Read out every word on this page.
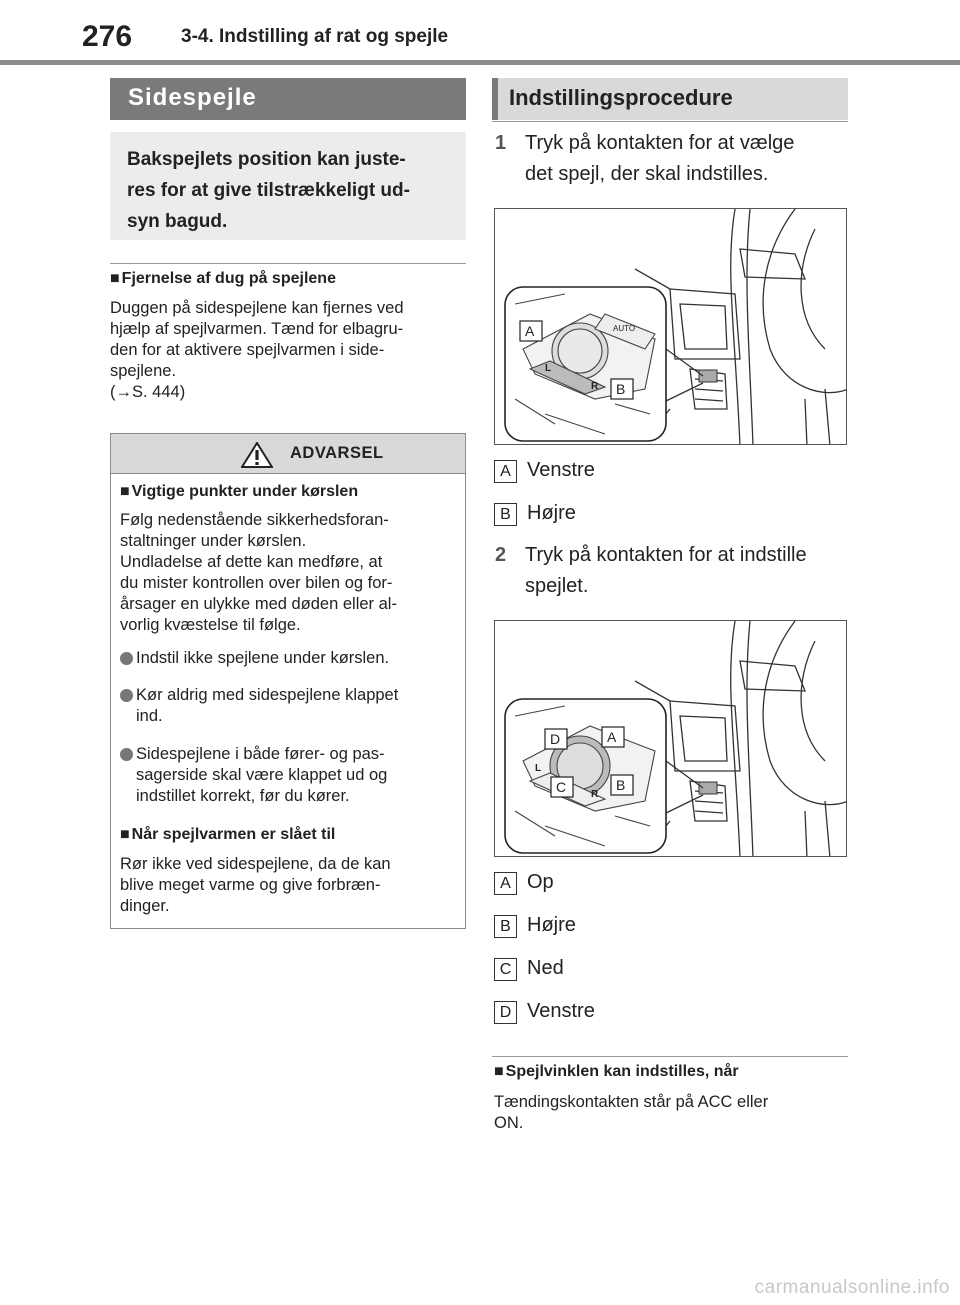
276	3-4. Indstilling af rat og spejle
Sidespejle
Bakspejlets position kan juste-
res for at give tilstrækkeligt ud-
syn bagud.
■ Fjernelse af dug på spejlene
Duggen på sidespejlene kan fjernes ved
hjælp af spejlvarmen. Tænd for elbagru-
den for at aktivere spejlvarmen i side-
spejlene.
(→S. 444)
ADVARSEL
■ Vigtige punkter under kørslen
Følg nedenstående sikkerhedsforan-
staltninger under kørslen.
Undladelse af dette kan medføre, at
du mister kontrollen over bilen og for-
årsager en ulykke med døden eller al-
vorlig kvæstelse til følge.
Indstil ikke spejlene under kørslen.
Kør aldrig med sidespejlene klappet
ind.
Sidespejlene i både fører- og pas-
sagerside skal være klappet ud og
indstillet korrekt, før du kører.
■ Når spejlvarmen er slået til
Rør ikke ved sidespejlene, da de kan
blive meget varme og give forbræn-
dinger.
Indstillingsprocedure
1 Tryk på kontakten for at vælge
det spejl, der skal indstilles.
L
R
AUTO
A
B
A Venstre
B Højre
2 Tryk på kontakten for at indstille
spejlet.
L
R
D	A
C	B
A Op
B Højre
C Ned
D Venstre
■ Spejlvinklen kan indstilles, når
Tændingskontakten står på ACC eller
ON.
carmanualsonline.info
